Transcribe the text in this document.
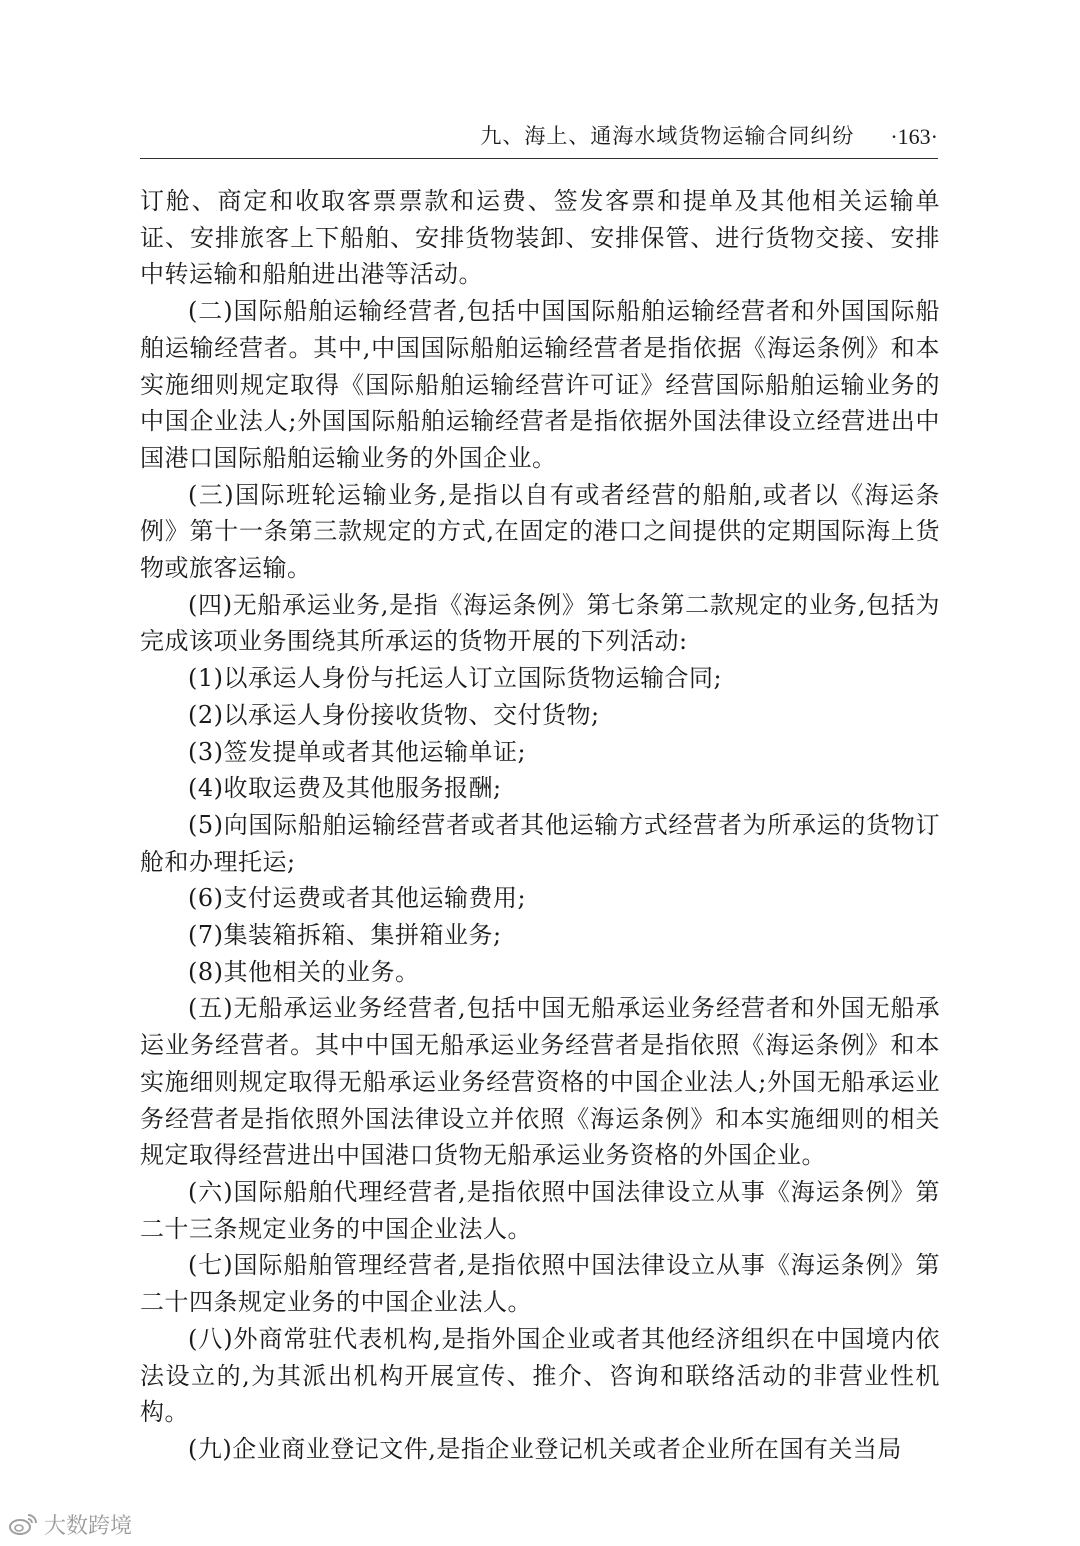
九、海上、通海水域货物运输合同纠纷 ·163·

订舱、商定和收取客票票款和运费、签发客票和提单及其他相关运输单证、安排旅客上下船舶、安排货物装卸、安排保管、进行货物交接、安排中转运输和船舶进出港等活动。

(二)国际船舶运输经营者,包括中国国际船舶运输经营者和外国国际船舶运输经营者。其中,中国国际船舶运输经营者是指依据《海运条例》和本实施细则规定取得《国际船舶运输经营许可证》经营国际船舶运输业务的中国企业法人;外国国际船舶运输经营者是指依据外国法律设立经营进出中国港口国际船舶运输业务的外国企业。

(三)国际班轮运输业务,是指以自有或者经营的船舶,或者以《海运条例》第十一条第三款规定的方式,在固定的港口之间提供的定期国际海上货物或旅客运输。

(四)无船承运业务,是指《海运条例》第七条第二款规定的业务,包括为完成该项业务围绕其所承运的货物开展的下列活动:

(1)以承运人身份与托运人订立国际货物运输合同;

(2)以承运人身份接收货物、交付货物;

(3)签发提单或者其他运输单证;

(4)收取运费及其他服务报酬;

(5)向国际船舶运输经营者或者其他运输方式经营者为所承运的货物订舱和办理托运;

(6)支付运费或者其他运输费用;

(7)集装箱拆箱、集拼箱业务;

(8)其他相关的业务。

(五)无船承运业务经营者,包括中国无船承运业务经营者和外国无船承运业务经营者。其中中国无船承运业务经营者是指依照《海运条例》和本实施细则规定取得无船承运业务经营资格的中国企业法人;外国无船承运业务经营者是指依照外国法律设立并依照《海运条例》和本实施细则的相关规定取得经营进出中国港口货物无船承运业务资格的外国企业。

(六)国际船舶代理经营者,是指依照中国法律设立从事《海运条例》第二十三条规定业务的中国企业法人。

(七)国际船舶管理经营者,是指依照中国法律设立从事《海运条例》第二十四条规定业务的中国企业法人。

(八)外商常驻代表机构,是指外国企业或者其他经济组织在中国境内依法设立的,为其派出机构开展宣传、推介、咨询和联络活动的非营业性机构。

(九)企业商业登记文件,是指企业登记机关或者企业所在国有关当局

大数跨境
